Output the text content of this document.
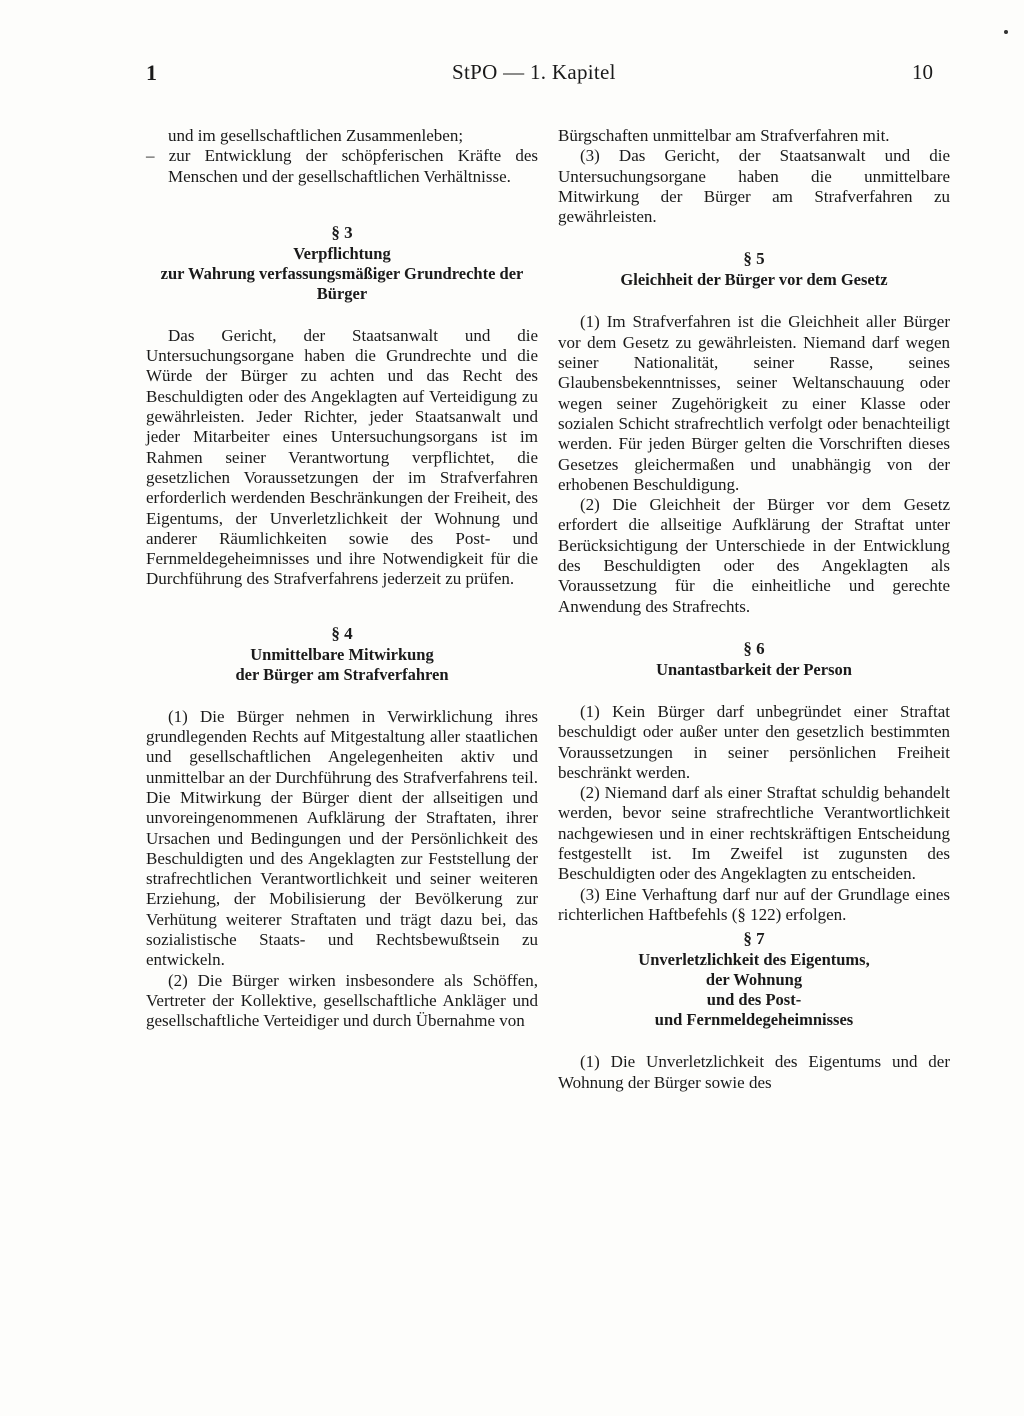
1	StPO — 1. Kapitel	10

und im gesellschaftlichen Zusammenleben;

– zur Entwicklung der schöpferischen Kräfte des Menschen und der gesellschaftlichen Verhältnisse.

§ 3
Verpflichtung
zur Wahrung verfassungsmäßiger Grundrechte der Bürger

Das Gericht, der Staatsanwalt und die Untersuchungsorgane haben die Grundrechte und die Würde der Bürger zu achten und das Recht des Beschuldigten oder des Angeklagten auf Verteidigung zu gewährleisten. Jeder Richter, jeder Staatsanwalt und jeder Mitarbeiter eines Untersuchungsorgans ist im Rahmen seiner Verantwortung verpflichtet, die gesetzlichen Voraussetzungen der im Strafverfahren erforderlich werdenden Beschränkungen der Freiheit, des Eigentums, der Unverletzlichkeit der Wohnung und anderer Räumlichkeiten sowie des Post- und Fernmeldegeheimnisses und ihre Notwendigkeit für die Durchführung des Strafverfahrens jederzeit zu prüfen.

§ 4
Unmittelbare Mitwirkung
der Bürger am Strafverfahren

(1) Die Bürger nehmen in Verwirklichung ihres grundlegenden Rechts auf Mitgestaltung aller staatlichen und gesellschaftlichen Angelegenheiten aktiv und unmittelbar an der Durchführung des Strafverfahrens teil. Die Mitwirkung der Bürger dient der allseitigen und unvoreingenommenen Aufklärung der Straftaten, ihrer Ursachen und Bedingungen und der Persönlichkeit des Beschuldigten und des Angeklagten zur Feststellung der strafrechtlichen Verantwortlichkeit und seiner weiteren Erziehung, der Mobilisierung der Bevölkerung zur Verhütung weiterer Straftaten und trägt dazu bei, das sozialistische Staats- und Rechtsbewußtsein zu entwickeln.

(2) Die Bürger wirken insbesondere als Schöffen, Vertreter der Kollektive, gesellschaftliche Ankläger und gesellschaftliche Verteidiger und durch Übernahme von

Bürgschaften unmittelbar am Strafverfahren mit.

(3) Das Gericht, der Staatsanwalt und die Untersuchungsorgane haben die unmittelbare Mitwirkung der Bürger am Strafverfahren zu gewährleisten.

§ 5
Gleichheit der Bürger vor dem Gesetz

(1) Im Strafverfahren ist die Gleichheit aller Bürger vor dem Gesetz zu gewährleisten. Niemand darf wegen seiner Nationalität, seiner Rasse, seines Glaubensbekenntnisses, seiner Weltanschauung oder wegen seiner Zugehörigkeit zu einer Klasse oder sozialen Schicht strafrechtlich verfolgt oder benachteiligt werden. Für jeden Bürger gelten die Vorschriften dieses Gesetzes gleichermaßen und unabhängig von der erhobenen Beschuldigung.

(2) Die Gleichheit der Bürger vor dem Gesetz erfordert die allseitige Aufklärung der Straftat unter Berücksichtigung der Unterschiede in der Entwicklung des Beschuldigten oder des Angeklagten als Voraussetzung für die einheitliche und gerechte Anwendung des Strafrechts.

§ 6
Unantastbarkeit der Person

(1) Kein Bürger darf unbegründet einer Straftat beschuldigt oder außer unter den gesetzlich bestimmten Voraussetzungen in seiner persönlichen Freiheit beschränkt werden.

(2) Niemand darf als einer Straftat schuldig behandelt werden, bevor seine strafrechtliche Verantwortlichkeit nachgewiesen und in einer rechtskräftigen Entscheidung festgestellt ist. Im Zweifel ist zugunsten des Beschuldigten oder des Angeklagten zu entscheiden.

(3) Eine Verhaftung darf nur auf der Grundlage eines richterlichen Haftbefehls (§ 122) erfolgen.

§ 7
Unverletzlichkeit des Eigentums,
der Wohnung
und des Post-
und Fernmeldegeheimnisses

(1) Die Unverletzlichkeit des Eigentums und der Wohnung der Bürger sowie des
